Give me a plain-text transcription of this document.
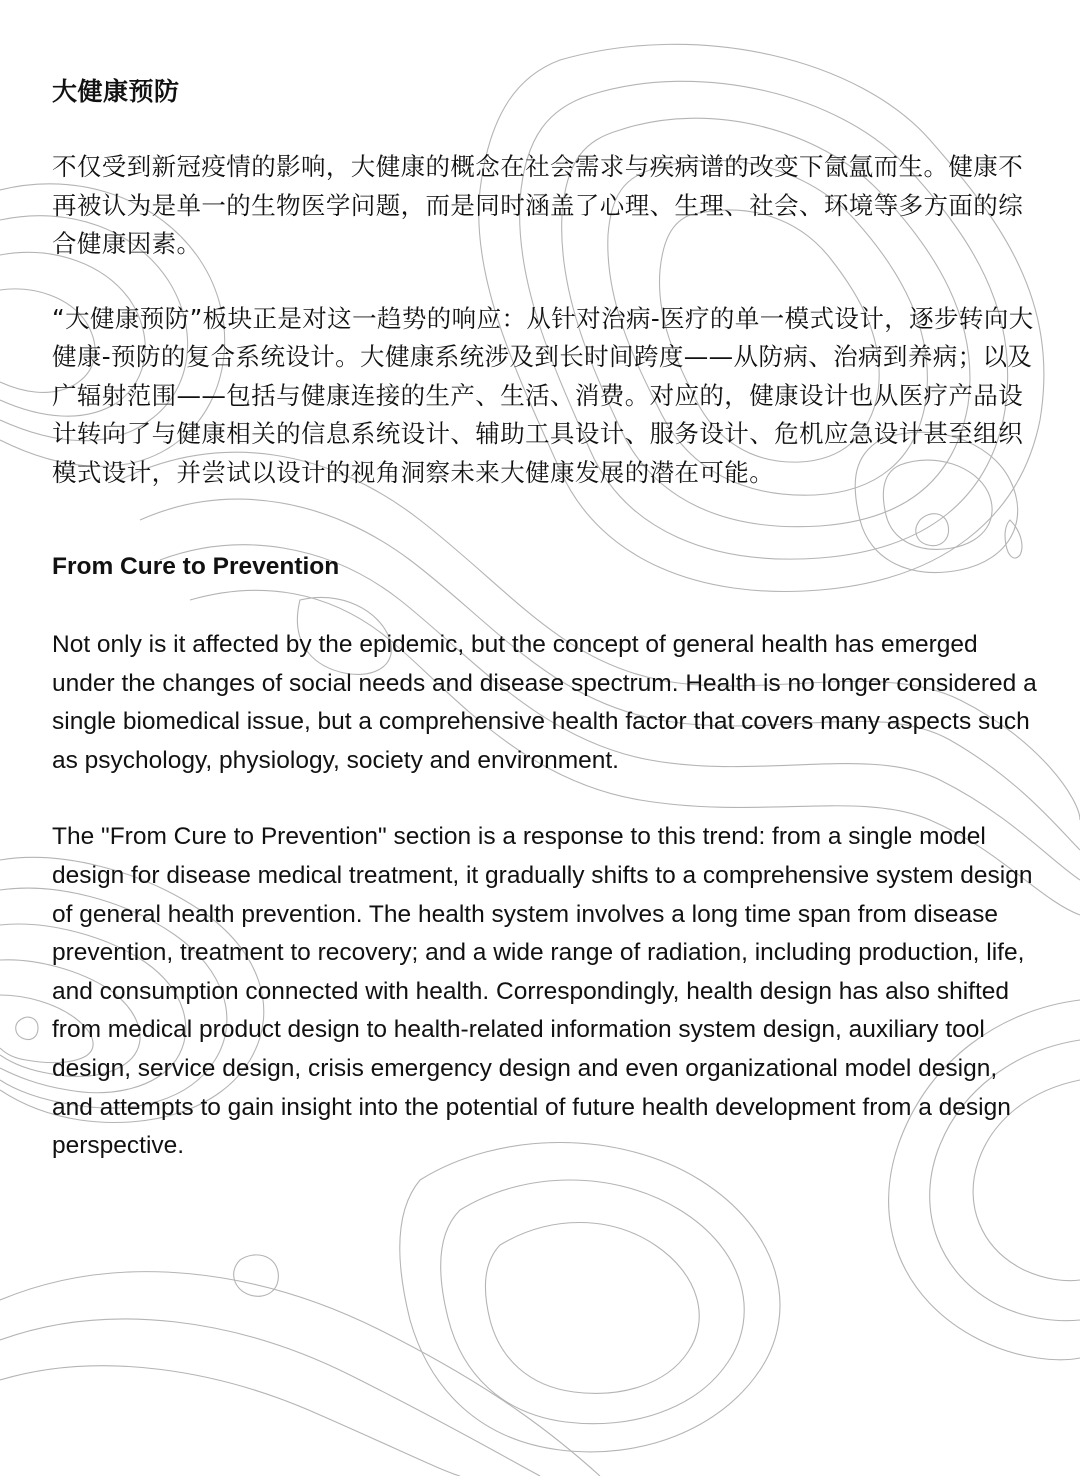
大健康预防

不仅受到新冠疫情的影响，大健康的概念在社会需求与疾病谱的改变下氤氲而生。健康不再被认为是单一的生物医学问题，而是同时涵盖了心理、生理、社会、环境等多方面的综合健康因素。

“大健康预防”板块正是对这一趋势的响应：从针对治病-医疗的单一模式设计，逐步转向大健康-预防的复合系统设计。大健康系统涉及到长时间跨度——从防病、治病到养病；以及广辐射范围——包括与健康连接的生产、生活、消费。对应的，健康设计也从医疗产品设计转向了与健康相关的信息系统设计、辅助工具设计、服务设计、危机应急设计甚至组织模式设计，并尝试以设计的视角洞察未来大健康发展的潜在可能。

From Cure to Prevention

Not only is it affected by the epidemic, but the concept of general health has emerged under the changes of social needs and disease spectrum. Health is no longer considered a single biomedical issue, but a comprehensive health factor that covers many aspects such as psychology, physiology, society and environment.

The "From Cure to Prevention" section is a response to this trend: from a single model design for disease medical treatment, it gradually shifts to a comprehensive system design of general health prevention. The health system involves a long time span from disease prevention, treatment to recovery; and a wide range of radiation, including production, life, and consumption connected with health. Correspondingly, health design has also shifted from medical product design to health-related information system design, auxiliary tool design, service design, crisis emergency design and even organizational model design, and attempts to gain insight into the potential of future health development from a design perspective.
